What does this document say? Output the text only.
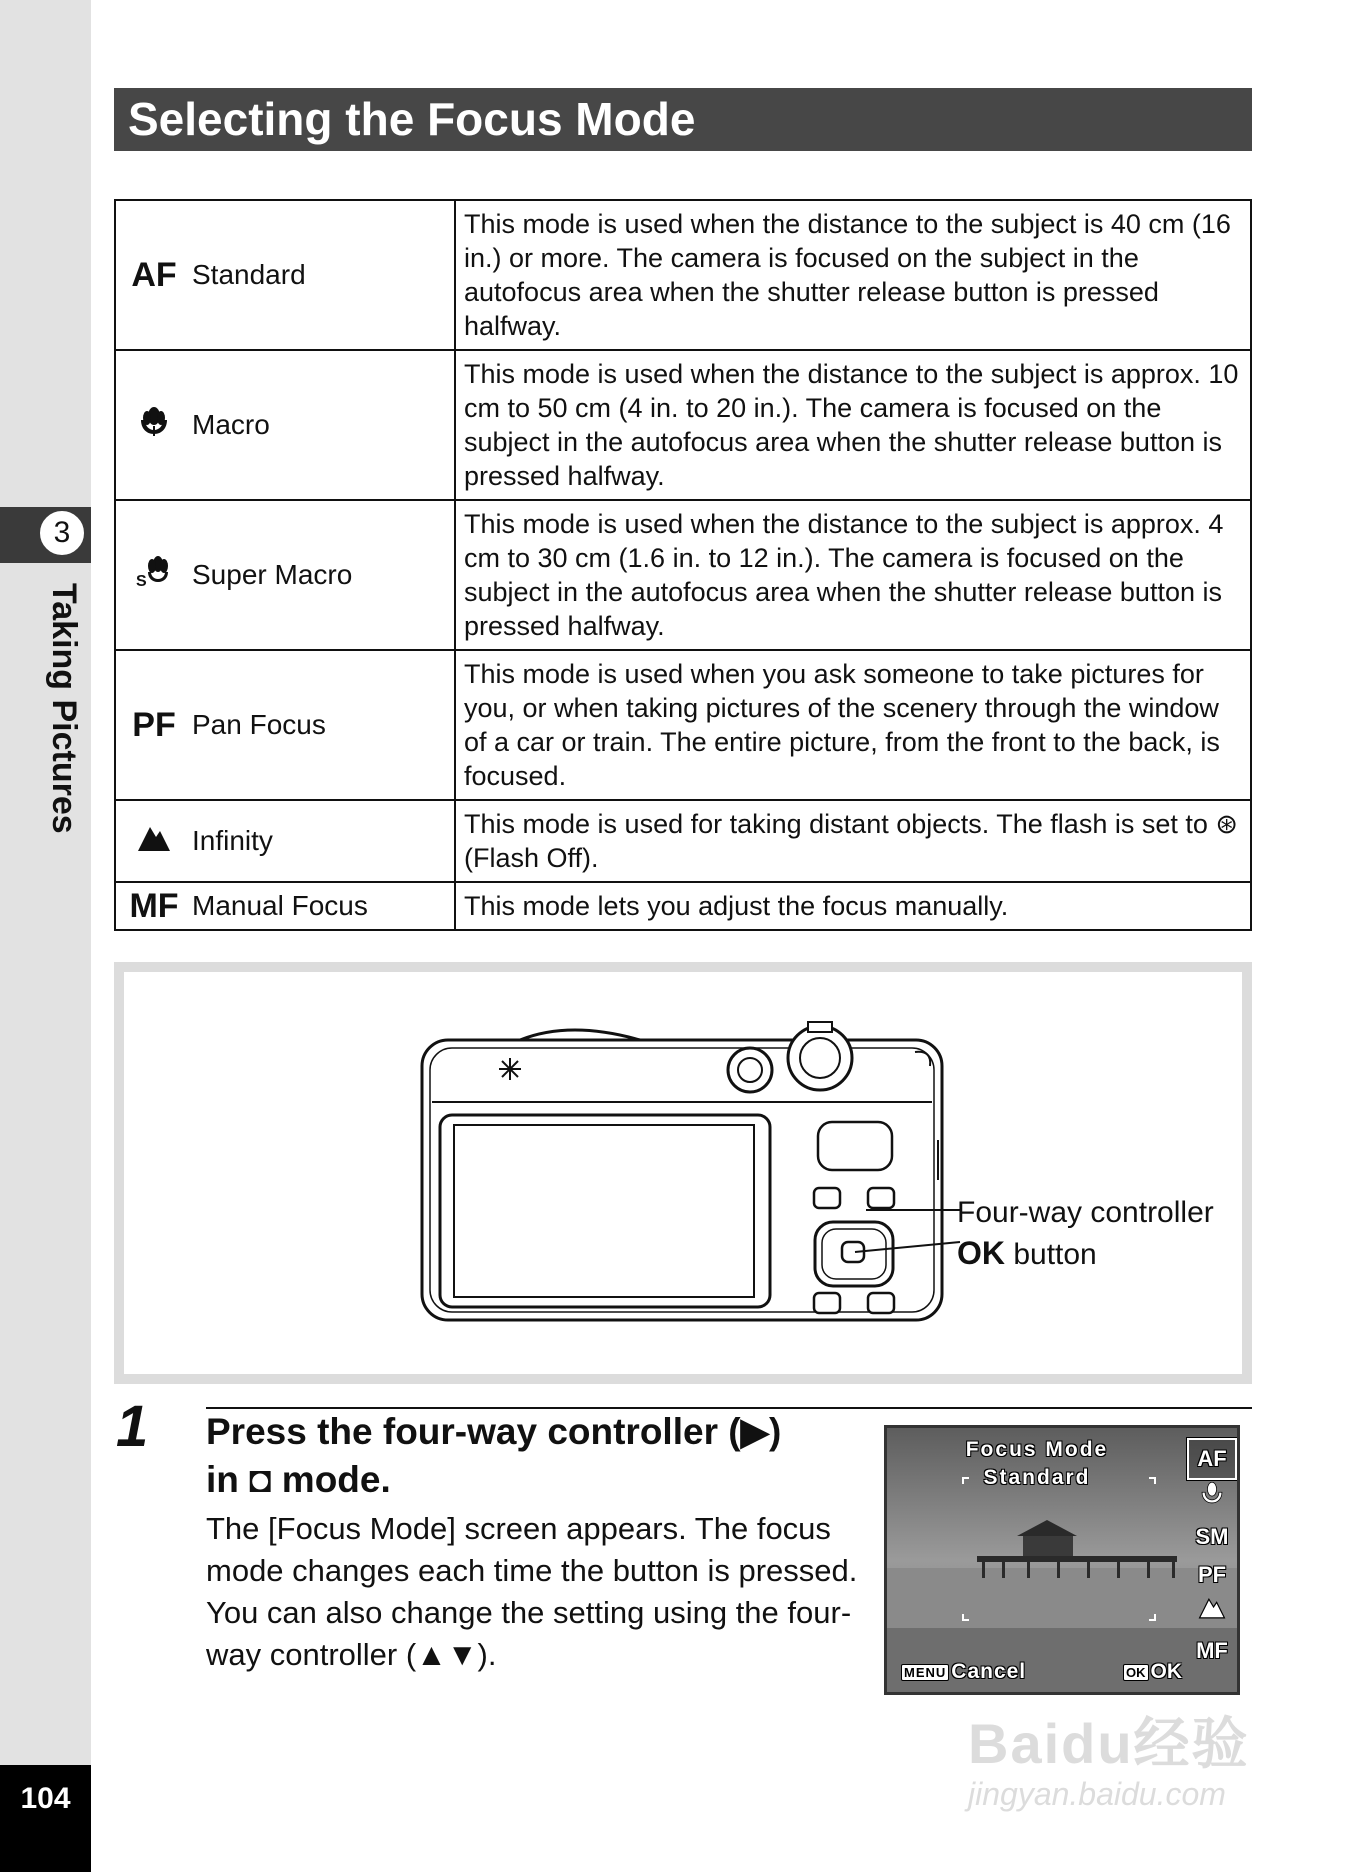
3
Taking Pictures
104
Selecting the Focus Mode
AF Standard	This mode is used when the distance to the subject is 40 cm (16 in.) or more. The camera is focused on the subject in the autofocus area when the shutter release button is pressed halfway.

Macro	This mode is used when the distance to the subject is approx. 10 cm to 50 cm (4 in. to 20 in.). The camera is focused on the subject in the autofocus area when the shutter release button is pressed halfway.

S Super Macro	This mode is used when the distance to the subject is approx. 4 cm to 30 cm (1.6 in. to 12 in.). The camera is focused on the subject in the autofocus area when the shutter release button is pressed halfway.

PF Pan Focus	This mode is used when you ask someone to take pictures for you, or when taking pictures of the scenery through the window of a car or train. The entire picture, from the front to the back, is focused.

Infinity	This mode is used for taking distant objects. The flash is set to ⊛ (Flash Off).

MF Manual Focus	This mode lets you adjust the focus manually.
Four-way controller
OK button
1 Press the four-way controller (▶)
in ◘ mode.
The [Focus Mode] screen appears. The focus mode changes each time the button is pressed. You can also change the setting using the four-way controller (▲▼).
Focus Mode
Standard
MENU Cancel	OK OK
AF
SM
PF
MF
Baidu经验
jingyan.baidu.com
